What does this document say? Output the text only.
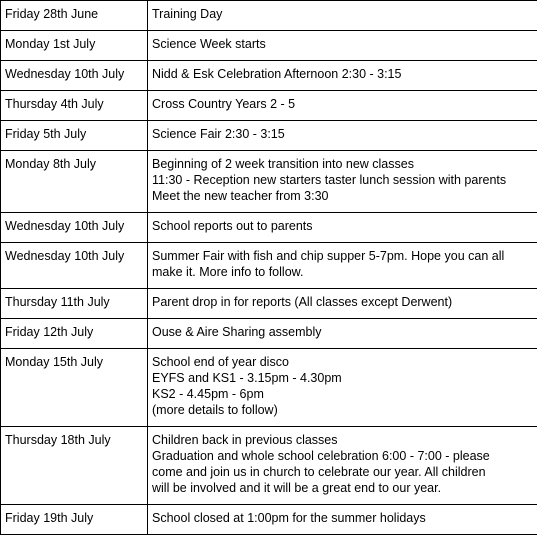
Friday 28th June	Training Day

Monday 1st July	Science Week starts

Wednesday 10th July	Nidd & Esk Celebration Afternoon 2:30 - 3:15

Thursday 4th July	Cross Country Years 2 - 5

Friday 5th July	Science Fair 2:30 - 3:15

Monday 8th July	Beginning of 2 week transition into new classes
11:30 - Reception new starters taster lunch session with parents
Meet the new teacher from 3:30

Wednesday 10th July	School reports out to parents

Wednesday 10th July	Summer Fair with fish and chip supper 5-7pm. Hope you can all
make it. More info to follow.

Thursday 11th July	Parent drop in for reports (All classes except Derwent)

Friday 12th July	Ouse & Aire Sharing assembly

Monday 15th July	School end of year disco
EYFS and KS1 - 3.15pm - 4.30pm
KS2 - 4.45pm - 6pm
(more details to follow)

Thursday 18th July	Children back in previous classes
Graduation and whole school celebration 6:00 - 7:00 - please
come and join us in church to celebrate our year. All children
will be involved and it will be a great end to our year.

Friday 19th July	School closed at 1:00pm for the summer holidays
